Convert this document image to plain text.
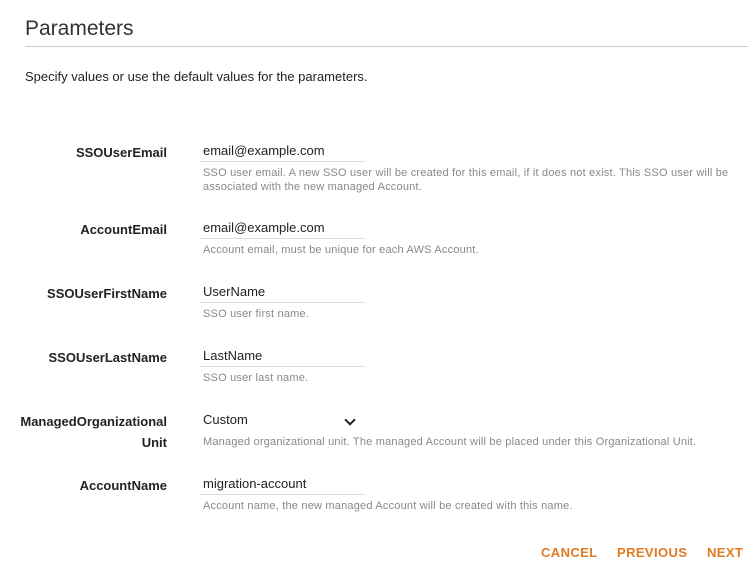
Parameters

Specify values or use the default values for the parameters.

SSOUserEmail
email@example.com
SSO user email. A new SSO user will be created for this email, if it does not exist. This SSO user will be associated with the new managed Account.
AccountEmail
email@example.com
Account email, must be unique for each AWS Account.
SSOUserFirstName
UserName
SSO user first name.
SSOUserLastName
LastName
SSO user last name.
ManagedOrganizationalUnit
Custom
Managed organizational unit. The managed Account will be placed under this Organizational Unit.
AccountName
migration-account
Account name, the new managed Account will be created with this name.
CANCEL PREVIOUS NEXT
